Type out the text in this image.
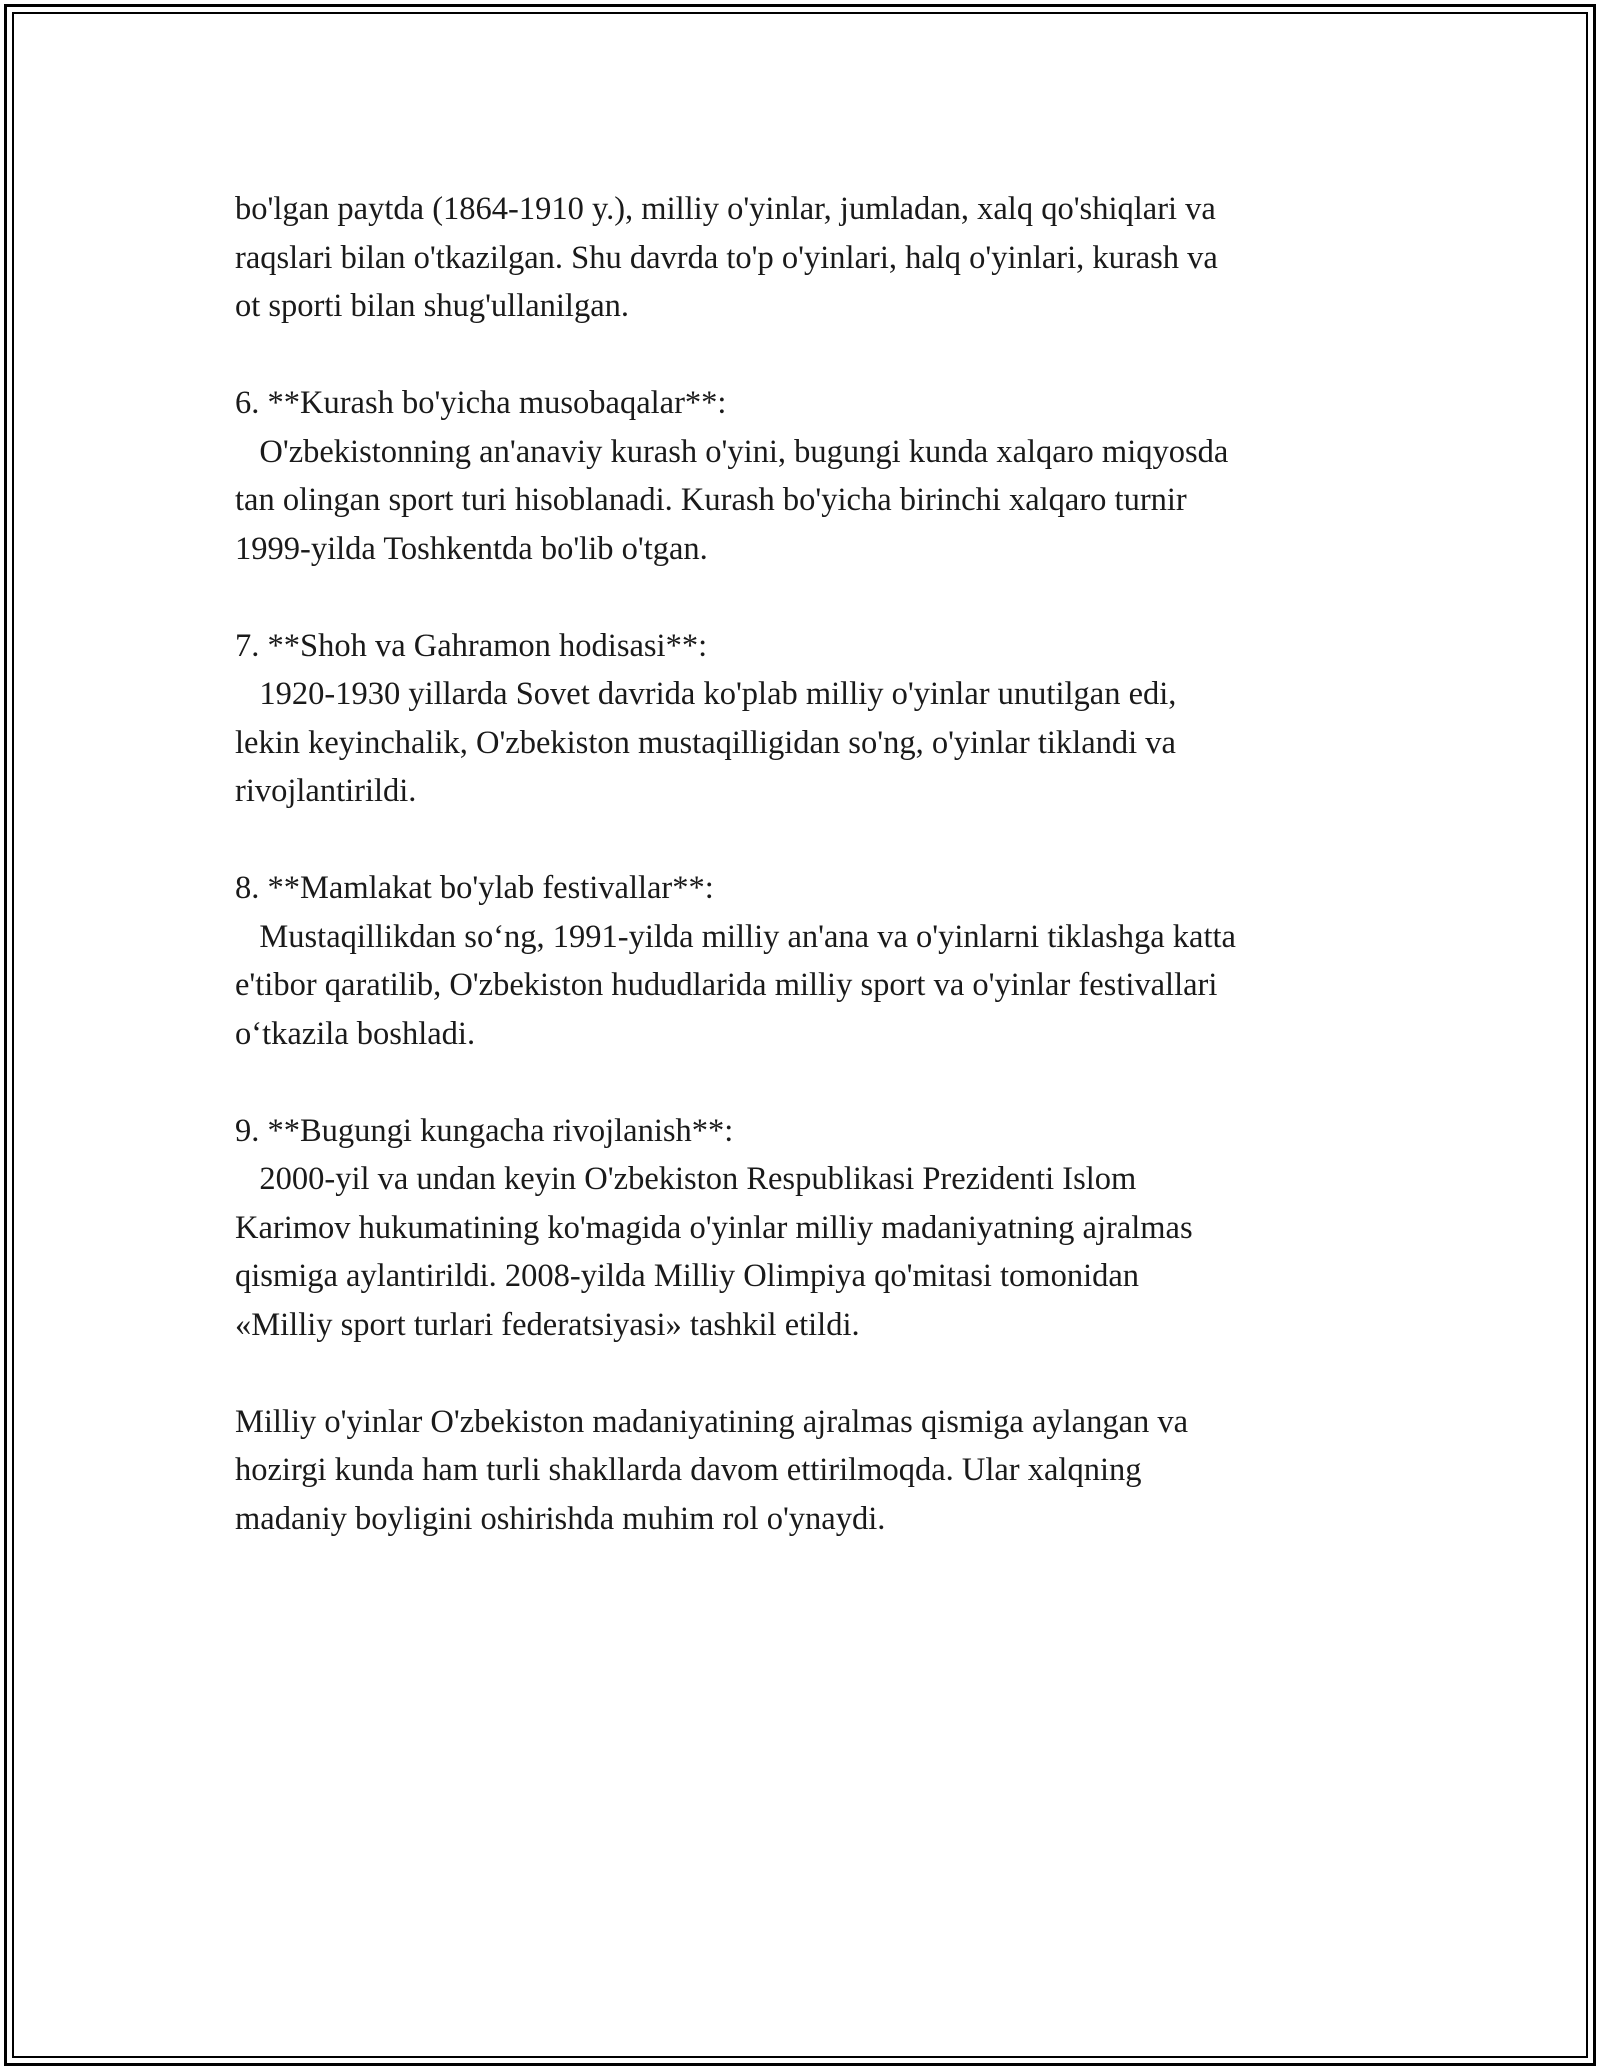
bo'lgan paytda (1864-1910 y.), milliy o'yinlar, jumladan, xalq qo'shiqlari va
raqslari bilan o'tkazilgan. Shu davrda to'p o'yinlari, halq o'yinlari, kurash va
ot sporti bilan shug'ullanilgan.
6. **Kurash bo'yicha musobaqalar**:
O'zbekistonning an'anaviy kurash o'yini, bugungi kunda xalqaro miqyosda
tan olingan sport turi hisoblanadi. Kurash bo'yicha birinchi xalqaro turnir
1999-yilda Toshkentda bo'lib o'tgan.
7. **Shoh va Gahramon hodisasi**:
1920-1930 yillarda Sovet davrida ko'plab milliy o'yinlar unutilgan edi,
lekin keyinchalik, O'zbekiston mustaqilligidan so'ng, o'yinlar tiklandi va
rivojlantirildi.
8. **Mamlakat bo'ylab festivallar**:
Mustaqillikdan so‘ng, 1991-yilda milliy an'ana va o'yinlarni tiklashga katta
e'tibor qaratilib, O'zbekiston hududlarida milliy sport va o'yinlar festivallari
o‘tkazila boshladi.
9. **Bugungi kungacha rivojlanish**:
2000-yil va undan keyin O'zbekiston Respublikasi Prezidenti Islom
Karimov hukumatining ko'magida o'yinlar milliy madaniyatning ajralmas
qismiga aylantirildi. 2008-yilda Milliy Olimpiya qo'mitasi tomonidan
«Milliy sport turlari federatsiyasi» tashkil etildi.
Milliy o'yinlar O'zbekiston madaniyatining ajralmas qismiga aylangan va
hozirgi kunda ham turli shakllarda davom ettirilmoqda. Ular xalqning
madaniy boyligini oshirishda muhim rol o'ynaydi.
